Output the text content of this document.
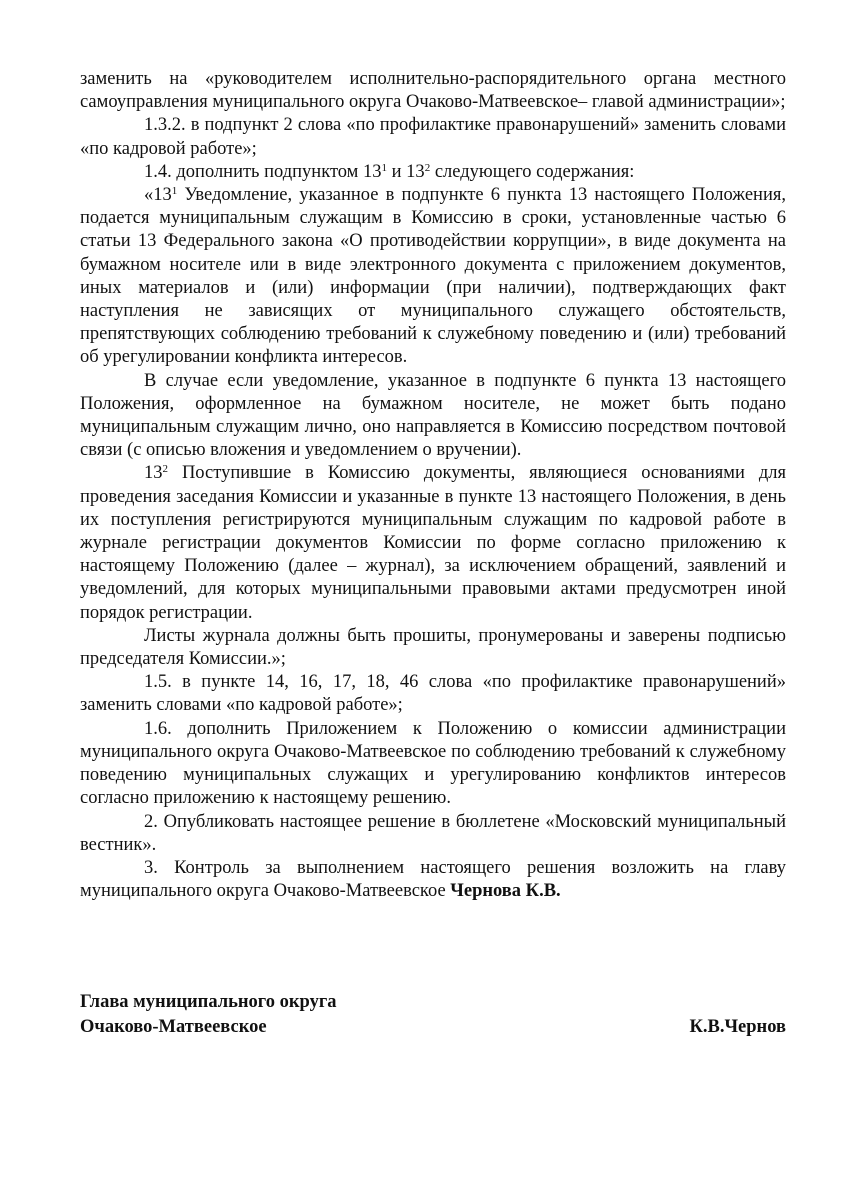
заменить на «руководителем исполнительно-распорядительного органа местного самоуправления муниципального округа Очаково-Матвеевское– главой администрации»;

1.3.2. в подпункт 2 слова «по профилактике правонарушений» заменить словами «по кадровой работе»;

1.4. дополнить подпунктом $13^1$ и $13^2$ следующего содержания:

«$13^1$ Уведомление, указанное в подпункте 6 пункта 13 настоящего Положения, подается муниципальным служащим в Комиссию в сроки, установленные частью 6 статьи 13 Федерального закона «О противодействии коррупции», в виде документа на бумажном носителе или в виде электронного документа с приложением документов, иных материалов и (или) информации (при наличии), подтверждающих факт наступления не зависящих от муниципального служащего обстоятельств, препятствующих соблюдению требований к служебному поведению и (или) требований об урегулировании конфликта интересов.

В случае если уведомление, указанное в подпункте 6 пункта 13 настоящего Положения, оформленное на бумажном носителе, не может быть подано муниципальным служащим лично, оно направляется в Комиссию посредством почтовой связи (с описью вложения и уведомлением о вручении).

$13^2$ Поступившие в Комиссию документы, являющиеся основаниями для проведения заседания Комиссии и указанные в пункте 13 настоящего Положения, в день их поступления регистрируются муниципальным служащим по кадровой работе в журнале регистрации документов Комиссии по форме согласно приложению к настоящему Положению (далее – журнал), за исключением обращений, заявлений и уведомлений, для которых муниципальными правовыми актами предусмотрен иной порядок регистрации.

Листы журнала должны быть прошиты, пронумерованы и заверены подписью председателя Комиссии.»;

1.5. в пункте 14, 16, 17, 18, 46 слова «по профилактике правонарушений» заменить словами «по кадровой работе»;

1.6. дополнить Приложением к Положению о комиссии администрации муниципального округа Очаково-Матвеевское по соблюдению требований к служебному поведению муниципальных служащих и урегулированию конфликтов интересов согласно приложению к настоящему решению.

2. Опубликовать настоящее решение в бюллетене «Московский муниципальный вестник».

3. Контроль за выполнением настоящего решения возложить на главу муниципального округа Очаково-Матвеевское Чернова К.В.

Глава муниципального округа
Очаково-Матвеевское	К.В.Чернов
